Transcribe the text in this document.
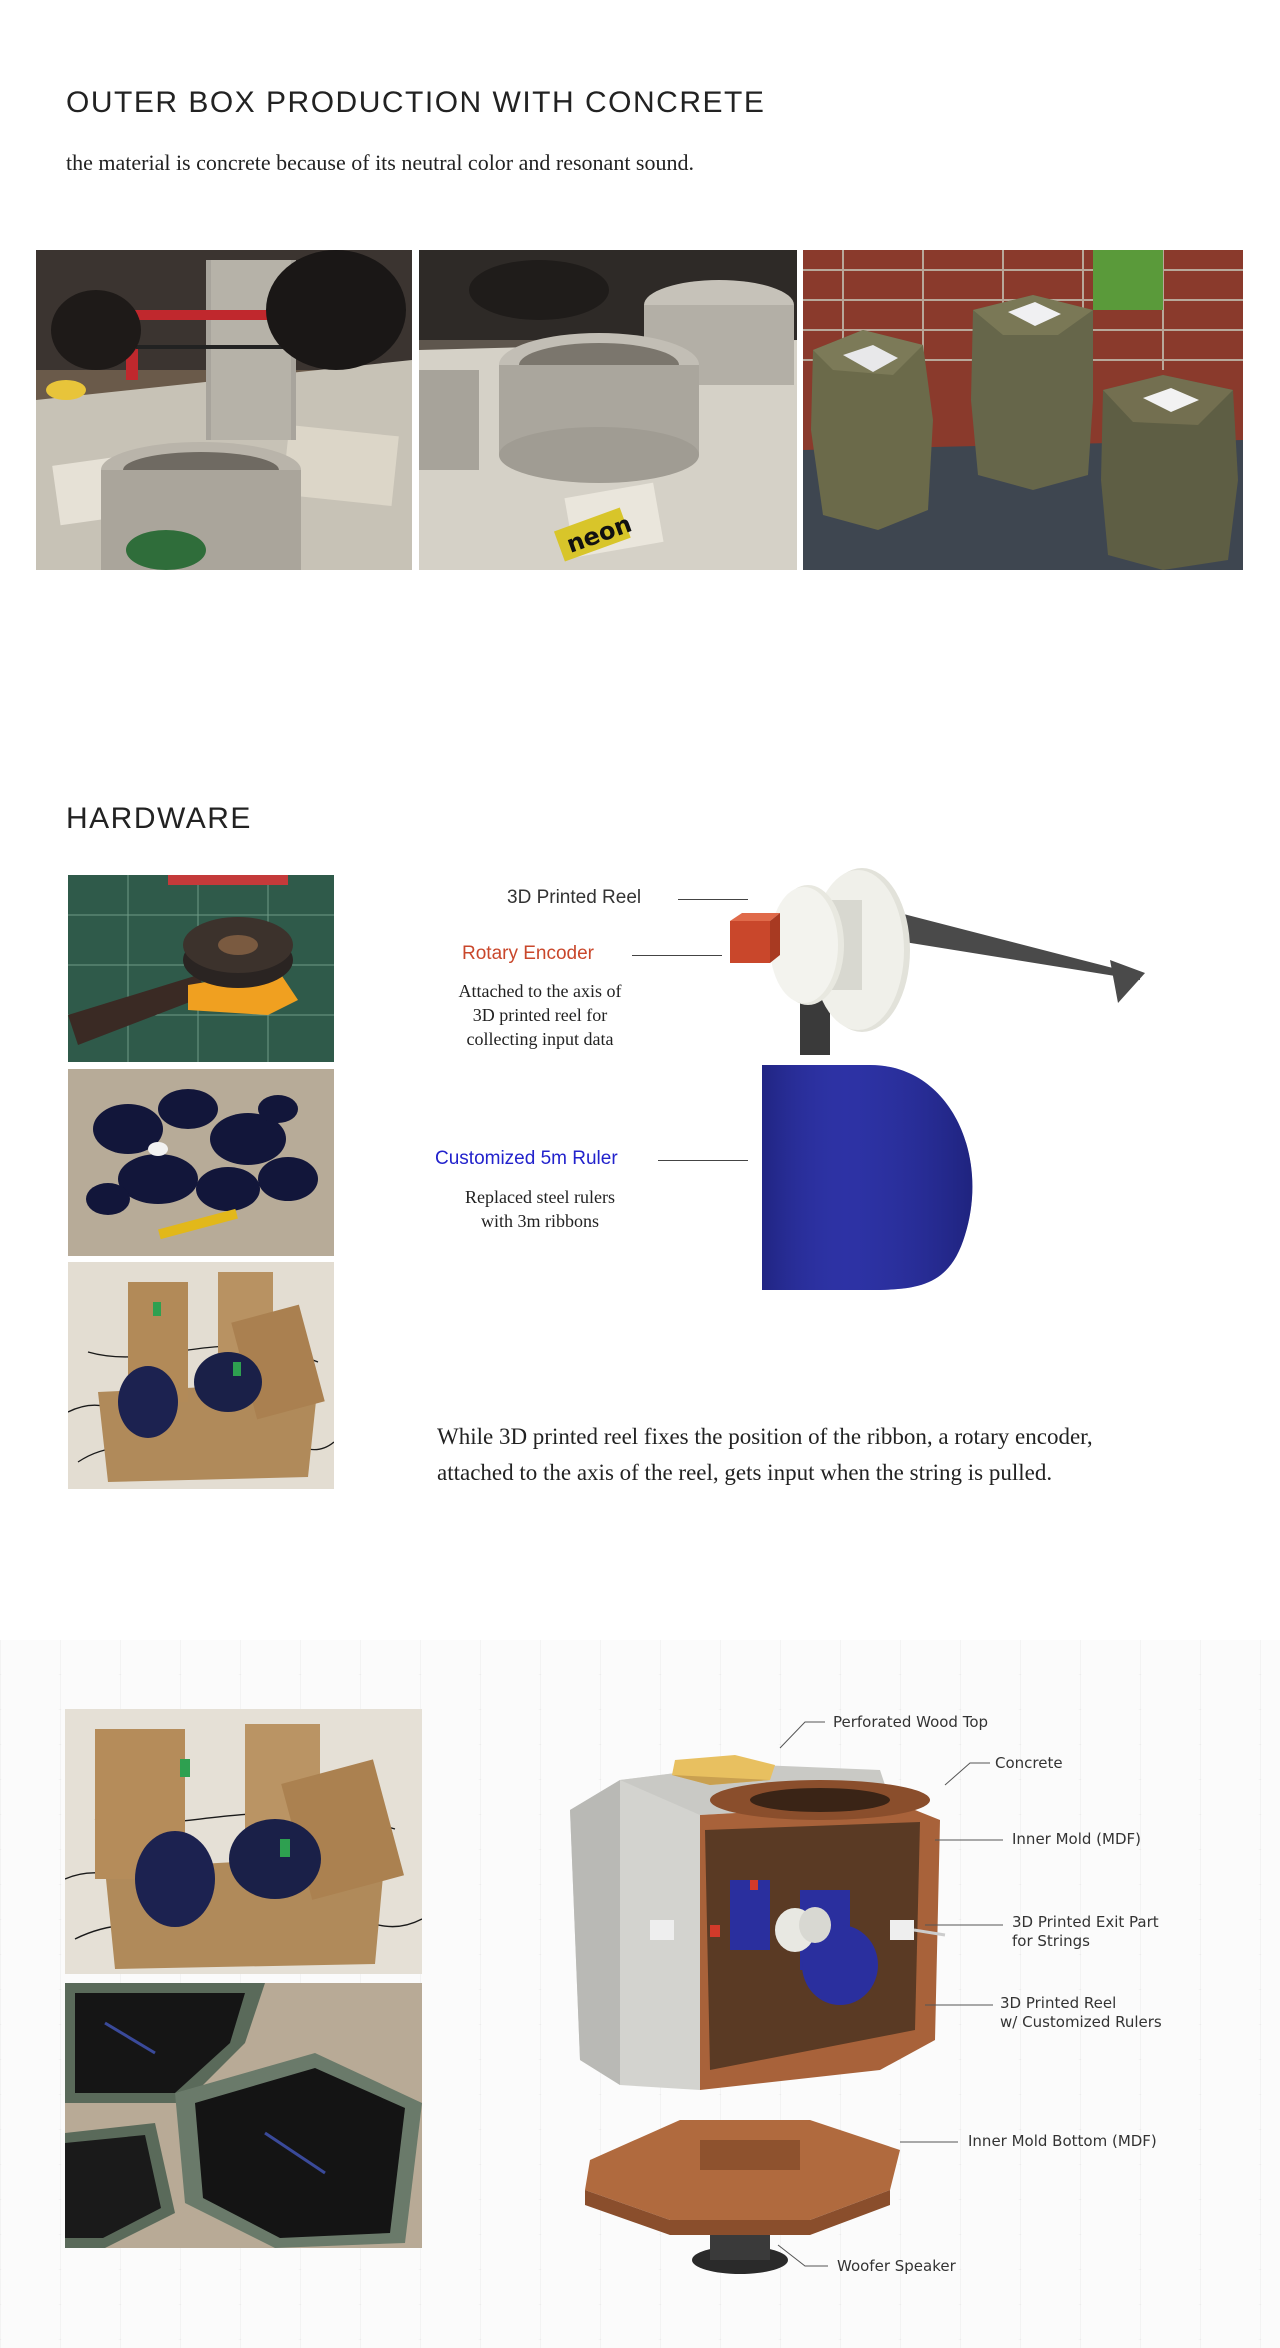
OUTER BOX PRODUCTION WITH CONCRETE
the material is concrete because of its neutral color and resonant sound.
neon
HARDWARE
3D Printed Reel
Rotary Encoder
Attached to the axis of
3D printed reel for
collecting input data
Customized 5m Ruler
Replaced steel rulers
with 3m ribbons
While 3D printed reel fixes the position of the ribbon, a rotary encoder,
attached to the axis of the reel, gets input when the string is pulled.
Perforated Wood Top
Concrete
Inner Mold (MDF)
3D Printed Exit Part
for Strings
3D Printed Reel
w/ Customized Rulers
Inner Mold Bottom (MDF)
Woofer Speaker
